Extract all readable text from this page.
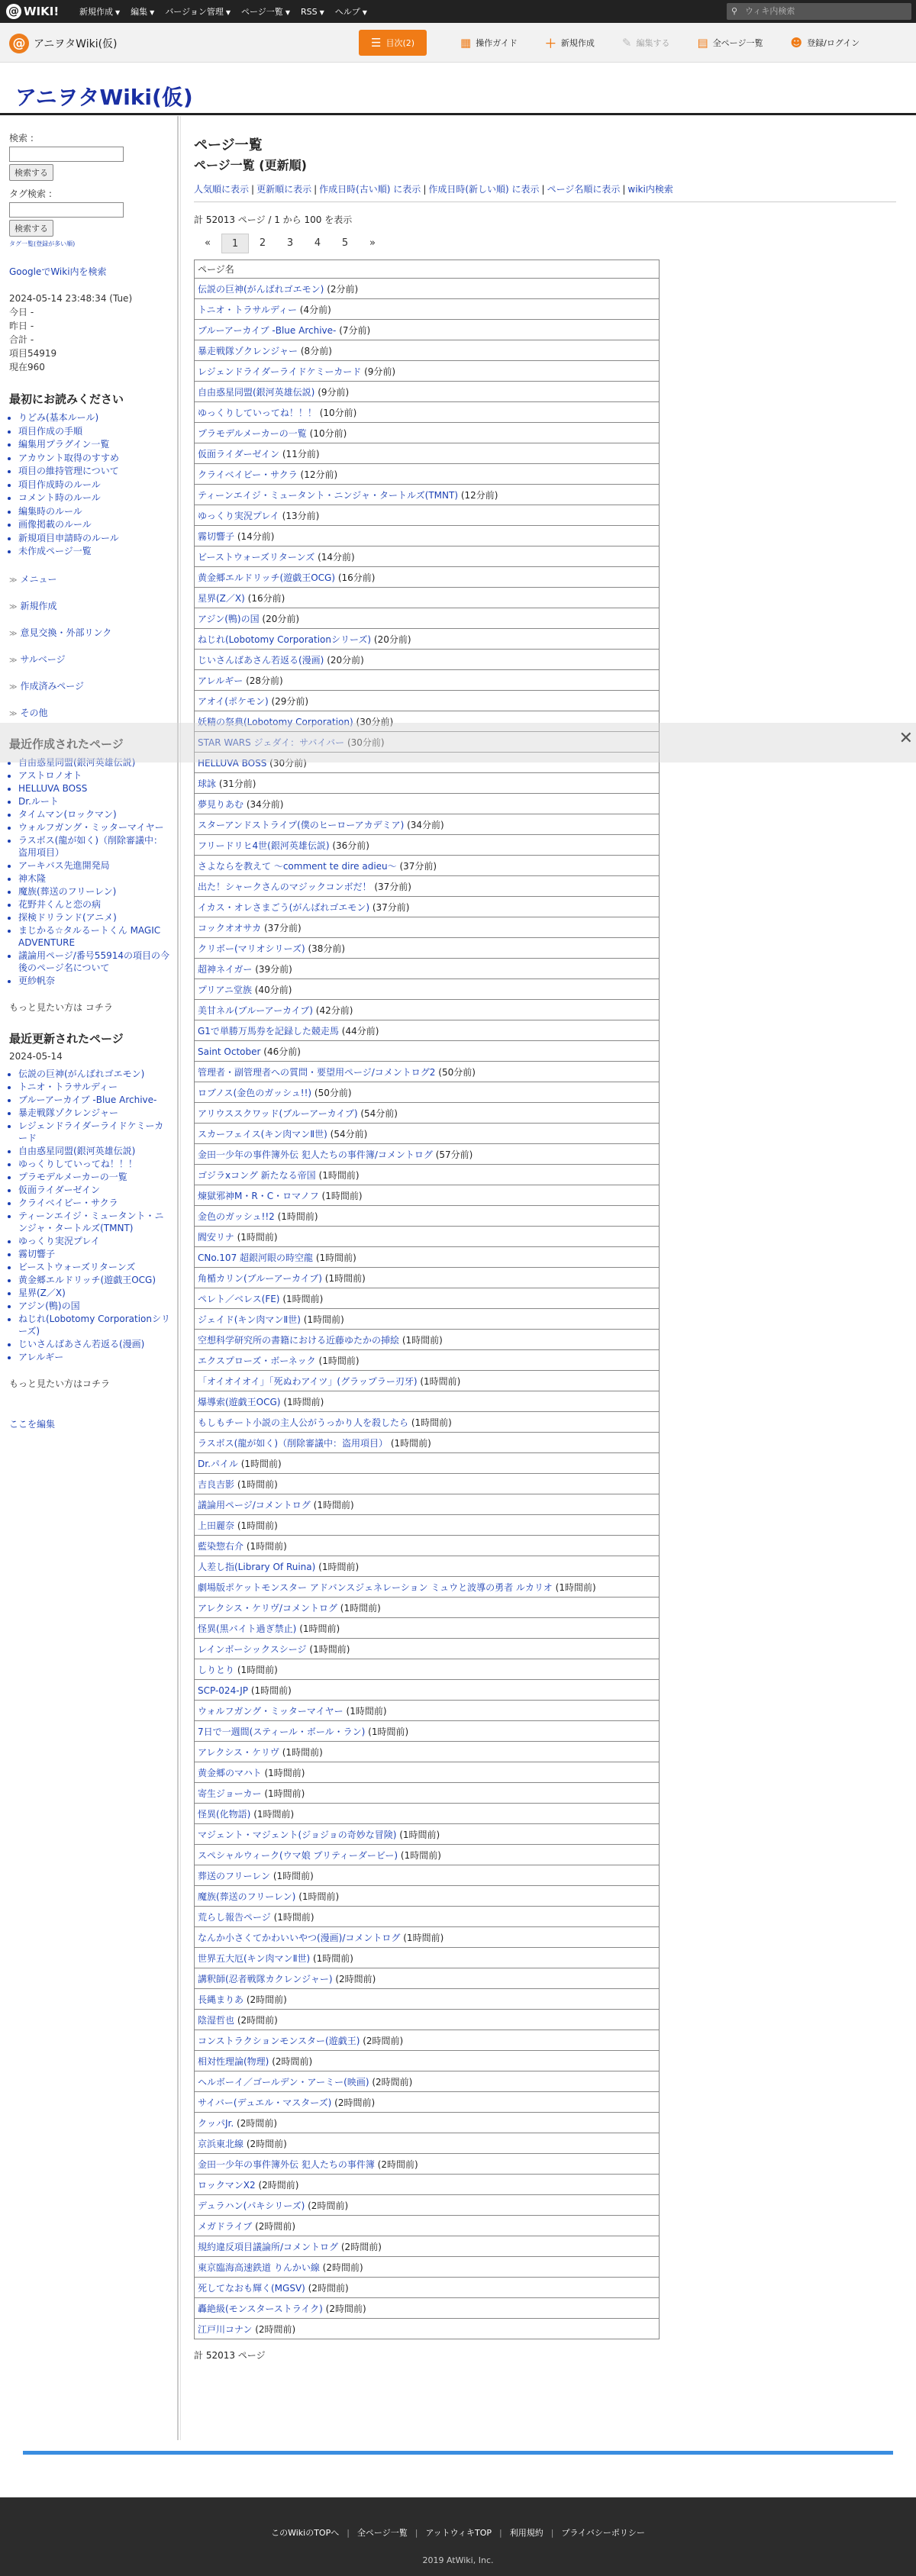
@ WIKI! 新規作成 ▼ 編集 ▼ バージョン管理 ▼ ページ一覧 ▼ RSS ▼ ヘルプ ▼	⚲ ウィキ内検索
@ アニヲタWiki(仮)	☰ 目次(2)	▦ 操作ガイド ＋ 新規作成 ✎ 編集する ▤ 全ページ一覧 ☻ 登録/ログイン
アニヲタWiki(仮)
検索 :
検索する
タグ検索 :
検索する
タグ一覧(登録が多い順)
GoogleでWiki内を検索
2024-05-14 23:48:34 (Tue)
今日 -
昨日 -
合計 -
項目54919
現在960
最初にお読みください
• りどみ(基本ルール)
• 項目作成の手順
• 編集用プラグイン一覧
• アカウント取得のすすめ
• 項目の維持管理について
• 項目作成時のルール
• コメント時のルール
• 編集時のルール
• 画像掲載のルール
• 新規項目申請時のルール
• 未作成ページ一覧
≫ メニュー
≫ 新規作成
≫ 意見交換・外部リンク
≫ サルベージ
≫ 作成済みページ
≫ その他
最近作成されたページ
• 自由惑星同盟(銀河英雄伝説)
• アストロノオト
• HELLUVA BOSS
• Dr.ルート
• タイムマン(ロックマン)
• ウォルフガング・ミッターマイヤー
• ラスボス(龍が如く)（削除審議中：盗用項目）
• アーキバス先進開発局
• 神木隆
• 魔族(葬送のフリーレン)
• 花野井くんと恋の病
• 探検ドリランド(アニメ)
• まじかる☆タルるートくん MAGIC ADVENTURE
• 議論用ページ/番号55914の項目の今後のページ名について
• 更紗帆奈
もっと見たい方は コチラ
最近更新されたページ
2024-05-14
• 伝説の巨神(がんばれゴエモン)
• トニオ・トラサルディー
• ブルーアーカイブ -Blue Archive-
• 暴走戦隊ゾクレンジャー
• レジェンドライダーライドケミーカード
• 自由惑星同盟(銀河英雄伝説)
• ゆっくりしていってね！！！
• プラモデルメーカーの一覧
• 仮面ライダーゼイン
• クライベイビー・サクラ
• ティーンエイジ・ミュータント・ニンジャ・タートルズ(TMNT)
• ゆっくり実況プレイ
• 霧切響子
• ビーストウォーズリターンズ
• 黄金郷エルドリッチ(遊戯王OCG)
• 星界(Z／X)
• アジン(鴨)の国
• ねじれ(Lobotomy Corporationシリーズ)
• じいさんばあさん若返る(漫画)
• アレルギー
もっと見たい方はコチラ
ここを編集
ページ一覧
ページ一覧 (更新順)
人気順に表示 | 更新順に表示 | 作成日時(古い順) に表示 | 作成日時(新しい順) に表示 | ページ名順に表示 | wiki内検索
計 52013 ページ / 1 から 100 を表示
«	1	2	3	4	5	»
ページ名
伝説の巨神(がんばれゴエモン) (2分前)
トニオ・トラサルディー (4分前)
ブルーアーカイブ -Blue Archive- (7分前)
暴走戦隊ゾクレンジャー (8分前)
レジェンドライダーライドケミーカード (9分前)
自由惑星同盟(銀河英雄伝説) (9分前)
ゆっくりしていってね！！！ (10分前)
プラモデルメーカーの一覧 (10分前)
仮面ライダーゼイン (11分前)
クライベイビー・サクラ (12分前)
ティーンエイジ・ミュータント・ニンジャ・タートルズ(TMNT) (12分前)
ゆっくり実況プレイ (13分前)
霧切響子 (14分前)
ビーストウォーズリターンズ (14分前)
黄金郷エルドリッチ(遊戯王OCG) (16分前)
星界(Z／X) (16分前)
アジン(鴨)の国 (20分前)
ねじれ(Lobotomy Corporationシリーズ) (20分前)
じいさんばあさん若返る(漫画) (20分前)
アレルギー (28分前)
アオイ(ポケモン) (29分前)
妖精の祭典(Lobotomy Corporation) (30分前)
STAR WARS ジェダイ：サバイバー (30分前)
HELLUVA BOSS (30分前)
球詠 (31分前)
夢見りあむ (34分前)
スターアンドストライプ(僕のヒーローアカデミア) (34分前)
フリードリヒ4世(銀河英雄伝説) (36分前)
さよならを教えて 〜comment te dire adieu〜 (37分前)
出た！シャークさんのマジックコンボだ！ (37分前)
イカス・オレさまごう(がんばれゴエモン) (37分前)
コックオオサカ (37分前)
クリボー(マリオシリーズ) (38分前)
超神ネイガー (39分前)
プリアニ堂族 (40分前)
美甘ネル(ブルーアーカイブ) (42分前)
G1で単勝万馬券を記録した競走馬 (44分前)
Saint October (46分前)
管理者・副管理者への質問・要望用ページ/コメントログ2 (50分前)
ロブノス(金色のガッシュ!!) (50分前)
アリウススクワッド(ブルーアーカイブ) (54分前)
スカーフェイス(キン肉マンⅡ世) (54分前)
金田一少年の事件簿外伝 犯人たちの事件簿/コメントログ (57分前)
ゴジラxコング 新たなる帝国 (1時間前)
煉獄邪神M・R・C・ロマノフ (1時間前)
金色のガッシュ!!2 (1時間前)
閻安リナ (1時間前)
CNo.107 超銀河眼の時空龍 (1時間前)
角楯カリン(ブルーアーカイブ) (1時間前)
ペレト／ベレス(FE) (1時間前)
ジェイド(キン肉マンⅡ世) (1時間前)
空想科学研究所の書籍における近藤ゆたかの挿絵 (1時間前)
エクスプローズ・ボーネック (1時間前)
「オイオイオイ」「死ぬわアイツ」(グラップラー刃牙) (1時間前)
爆導索(遊戯王OCG) (1時間前)
もしもチート小説の主人公がうっかり人を殺したら (1時間前)
ラスボス(龍が如く)（削除審議中：盗用項目） (1時間前)
Dr.パイル (1時間前)
吉良吉影 (1時間前)
議論用ページ/コメントログ (1時間前)
上田麗奈 (1時間前)
藍染惣右介 (1時間前)
人差し指(Library Of Ruina) (1時間前)
劇場版ポケットモンスター アドバンスジェネレーション ミュウと波導の勇者 ルカリオ (1時間前)
アレクシス・ケリヴ/コメントログ (1時間前)
怪異(黒バイト過ぎ禁止) (1時間前)
レインボーシックスシージ (1時間前)
しりとり (1時間前)
SCP-024-JP (1時間前)
ウォルフガング・ミッターマイヤー (1時間前)
7日で一週間(スティール・ボール・ラン) (1時間前)
アレクシス・ケリヴ (1時間前)
黄金郷のマハト (1時間前)
寄生ジョーカー (1時間前)
怪異(化物語) (1時間前)
マジェント・マジェント(ジョジョの奇妙な冒険) (1時間前)
スペシャルウィーク(ウマ娘 プリティーダービー) (1時間前)
葬送のフリーレン (1時間前)
魔族(葬送のフリーレン) (1時間前)
荒らし報告ページ (1時間前)
なんか小さくてかわいいやつ(漫画)/コメントログ (1時間前)
世界五大厄(キン肉マンⅡ世) (1時間前)
講釈師(忍者戦隊カクレンジャー) (2時間前)
長縄まりあ (2時間前)
陰湿哲也 (2時間前)
コンストラクションモンスター(遊戯王) (2時間前)
相対性理論(物理) (2時間前)
ヘルボーイ／ゴールデン・アーミー(映画) (2時間前)
サイバー(デュエル・マスターズ) (2時間前)
クッパJr. (2時間前)
京浜東北線 (2時間前)
金田一少年の事件簿外伝 犯人たちの事件簿 (2時間前)
ロックマンX2 (2時間前)
デュラハン(パキシリーズ) (2時間前)
メガドライブ (2時間前)
規約違反項目議論所/コメントログ (2時間前)
東京臨海高速鉄道 りんかい線 (2時間前)
死してなおも輝く(MGSV) (2時間前)
轟絶級(モンスターストライク) (2時間前)
江戸川コナン (2時間前)
計 52013 ページ
✕
このWikiのTOPへ | 全ページ一覧 | アットウィキTOP | 利用規約 | プライバシーポリシー
2019 AtWiki, Inc.
